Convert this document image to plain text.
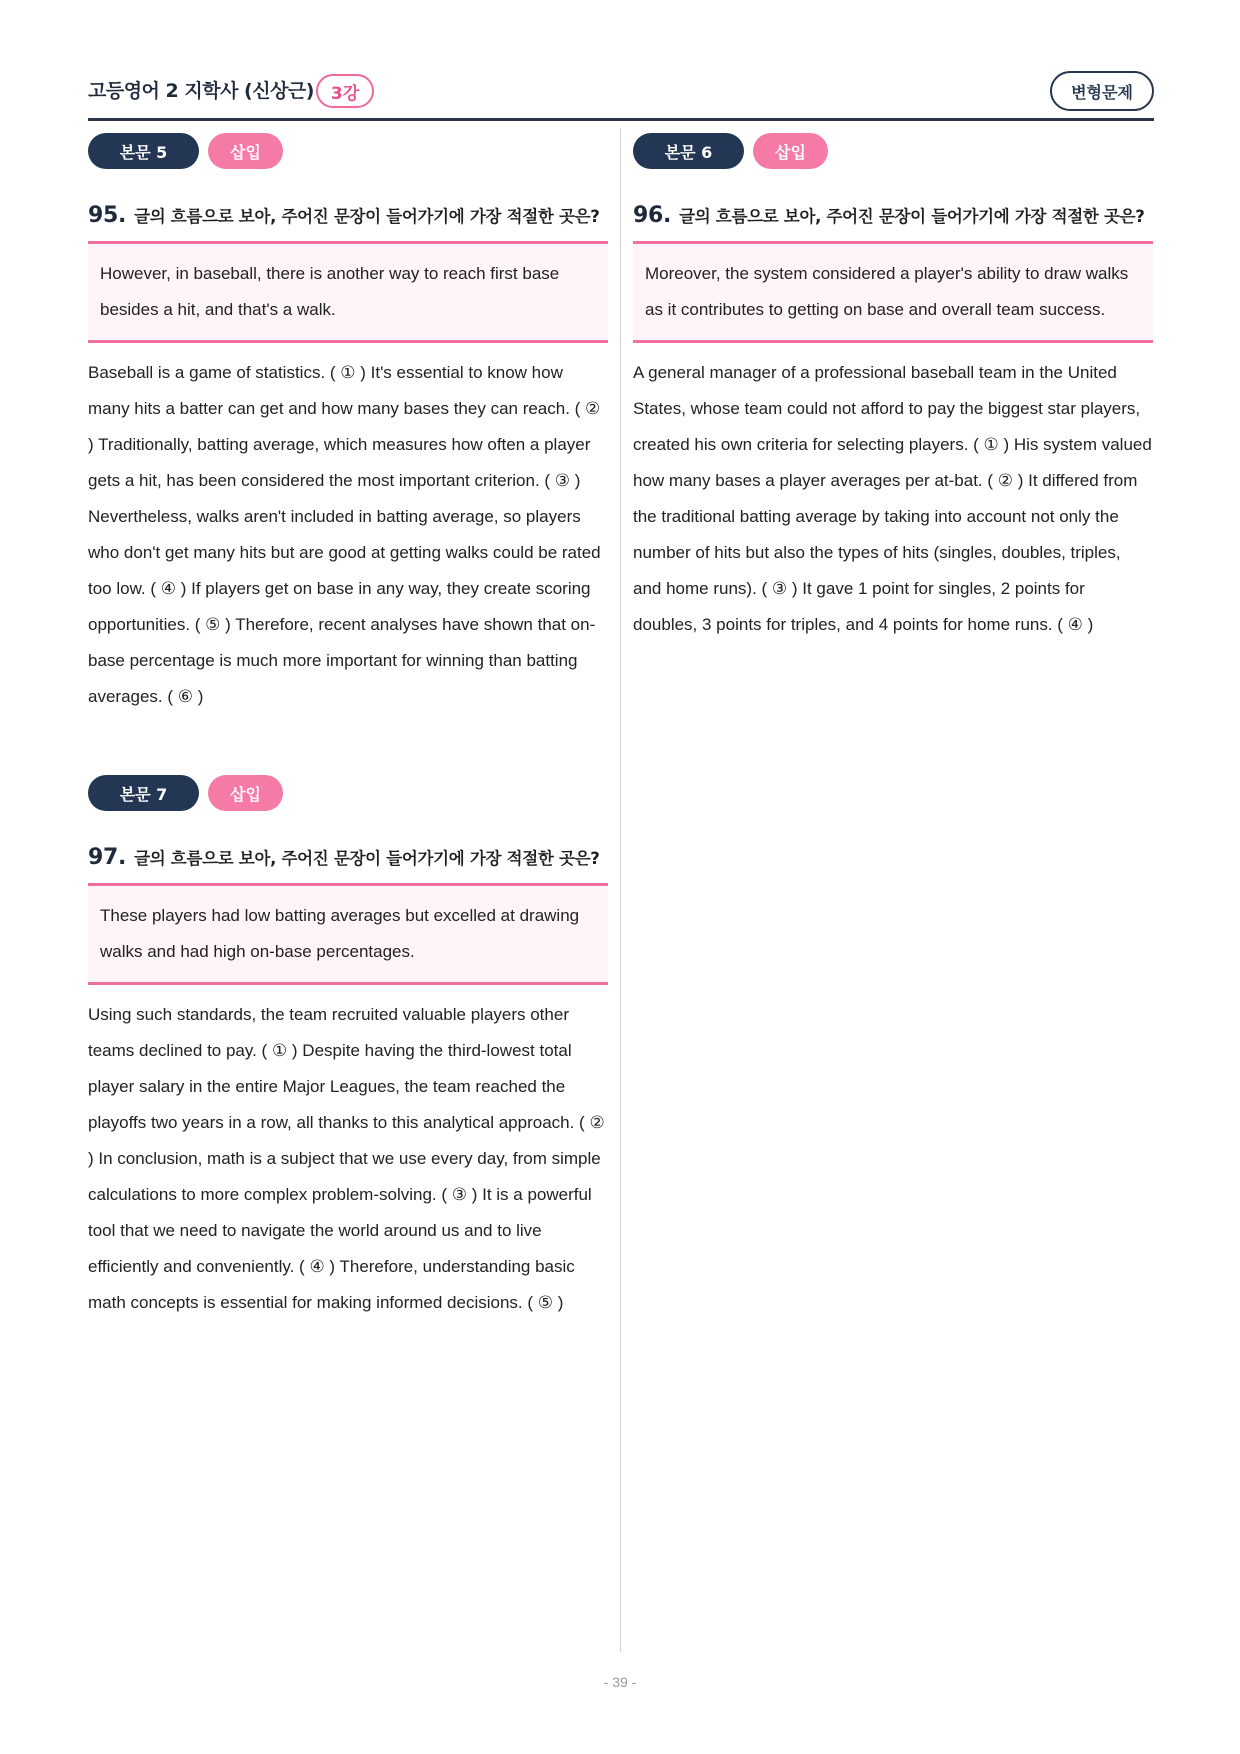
고등영어 2 지학사 (신상근) 3강	변형문제
본문 5	삽입
95. 글의 흐름으로 보아, 주어진 문장이 들어가기에 가장 적절한 곳은?
However, in baseball, there is another way to reach first base besides a hit, and that's a walk.
Baseball is a game of statistics. ( ① ) It's essential to know how many hits a batter can get and how many bases they can reach. ( ② ) Traditionally, batting average, which measures how often a player gets a hit, has been considered the most important criterion. ( ③ ) Nevertheless, walks aren't included in batting average, so players who don't get many hits but are good at getting walks could be rated too low. ( ④ ) If players get on base in any way, they create scoring opportunities. ( ⑤ ) Therefore, recent analyses have shown that on-base percentage is much more important for winning than batting averages. ( ⑥ )
본문 6	삽입
96. 글의 흐름으로 보아, 주어진 문장이 들어가기에 가장 적절한 곳은?
Moreover, the system considered a player's ability to draw walks as it contributes to getting on base and overall team success.
A general manager of a professional baseball team in the United States, whose team could not afford to pay the biggest star players, created his own criteria for selecting players. ( ① ) His system valued how many bases a player averages per at-bat. ( ② ) It differed from the traditional batting average by taking into account not only the number of hits but also the types of hits (singles, doubles, triples, and home runs). ( ③ ) It gave 1 point for singles, 2 points for doubles, 3 points for triples, and 4 points for home runs. ( ④ )
본문 7	삽입
97. 글의 흐름으로 보아, 주어진 문장이 들어가기에 가장 적절한 곳은?
These players had low batting averages but excelled at drawing walks and had high on-base percentages.
Using such standards, the team recruited valuable players other teams declined to pay. ( ① ) Despite having the third-lowest total player salary in the entire Major Leagues, the team reached the playoffs two years in a row, all thanks to this analytical approach. ( ② ) In conclusion, math is a subject that we use every day, from simple calculations to more complex problem-solving. ( ③ ) It is a powerful tool that we need to navigate the world around us and to live efficiently and conveniently. ( ④ ) Therefore, understanding basic math concepts is essential for making informed decisions. ( ⑤ )
- 39 -
